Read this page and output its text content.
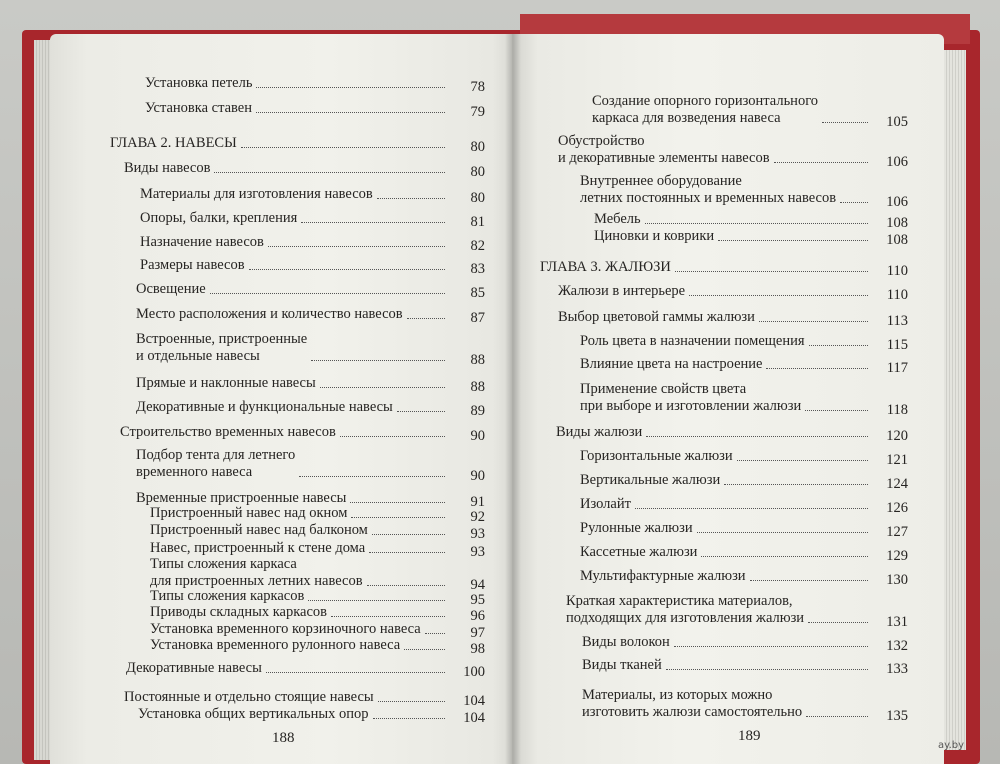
Установка петель	78
Установка ставен	79
ГЛАВА 2. НАВЕСЫ	80
Виды навесов	80
Материалы для изготовления навесов	80
Опоры, балки, крепления	81
Назначение навесов	82
Размеры навесов	83
Освещение	85
Место расположения и количество навесов	87
Встроенные, пристроенные
и отдельные навесы	88
Прямые и наклонные навесы	88
Декоративные и функциональные навесы	89
Строительство временных навесов	90
Подбор тента для летнего
временного навеса	90
Временные пристроенные навесы	91
Пристроенный навес над окном	92
Пристроенный навес над балконом	93
Навес, пристроенный к стене дома	93
Типы сложения каркаса
для пристроенных летних навесов	94
Типы сложения каркасов	95
Приводы складных каркасов	96
Установка временного корзиночного навеса	97
Установка временного рулонного навеса	98
Декоративные навесы	100
Постоянные и отдельно стоящие навесы	104
Установка общих вертикальных опор	104
Создание опорного горизонтального
каркаса для возведения навеса	105
Обустройство
и декоративные элементы навесов	106
Внутреннее оборудование
летних постоянных и временных навесов	106
Мебель	108
Циновки и коврики	108
ГЛАВА 3. ЖАЛЮЗИ	110
Жалюзи в интерьере	110
Выбор цветовой гаммы жалюзи	113
Роль цвета в назначении помещения	115
Влияние цвета на настроение	117
Применение свойств цвета
при выборе и изготовлении жалюзи	118
Виды жалюзи	120
Горизонтальные жалюзи	121
Вертикальные жалюзи	124
Изолайт	126
Рулонные жалюзи	127
Кассетные жалюзи	129
Мультифактурные жалюзи	130
Краткая характеристика материалов,
подходящих для изготовления жалюзи	131
Виды волокон	132
Виды тканей	133
Материалы, из которых можно
изготовить жалюзи самостоятельно	135
188	189
ay.by
